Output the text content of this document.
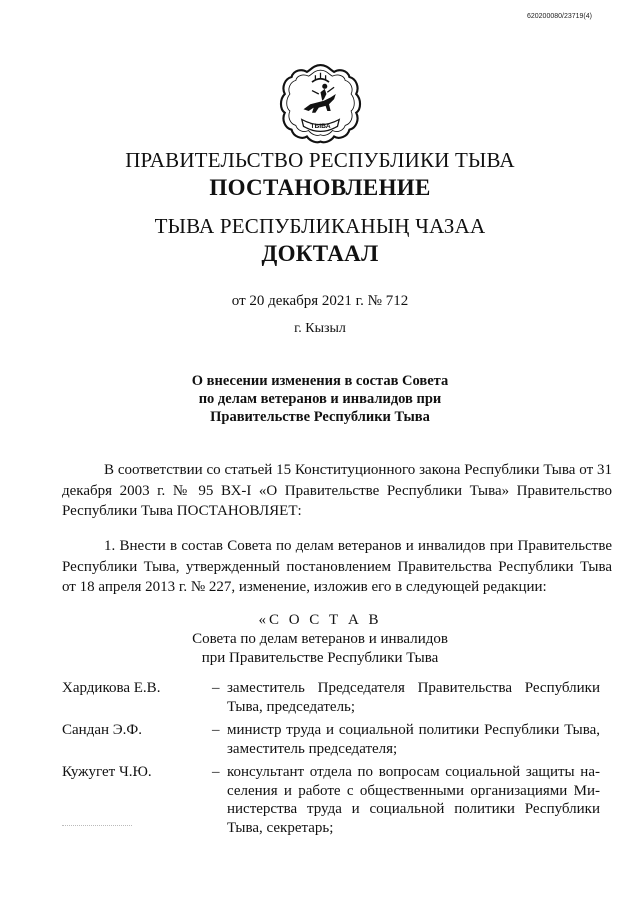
620200080/23719(4)
ТЫВА
ПРАВИТЕЛЬСТВО РЕСПУБЛИКИ ТЫВА
ПОСТАНОВЛЕНИЕ
ТЫВА РЕСПУБЛИКАНЫҢ ЧАЗАА
ДОКТААЛ
от 20 декабря 2021 г. № 712
г. Кызыл
О внесении изменения в состав Совета
по делам ветеранов и инвалидов при
Правительстве Республики Тыва
В соответствии со статьей 15 Конституционного закона Республики Тыва от 31 декабря 2003 г. № 95 ВХ-I «О Правительстве Республики Тыва» Правительство Республики Тыва ПОСТАНОВЛЯЕТ:
1. Внести в состав Совета по делам ветеранов и инвалидов при Правительстве Республики Тыва, утвержденный постановлением Правительства Республики Тыва от 18 апреля 2013 г. № 227, изменение, изложив его в следующей редакции:
«С О С Т А В
Совета по делам ветеранов и инвалидов
при Правительстве Республики Тыва
Хардикова Е.В.	– заместитель Председателя Правительства Республики Тыва, председатель;
Сандан Э.Ф.	– министр труда и социальной политики Республики Тыва, заместитель председателя;
Кужугет Ч.Ю.	– консультант отдела по вопросам социальной защиты населения и работе с общественными организациями Министерства труда и социальной политики Республики Тыва, секретарь;
